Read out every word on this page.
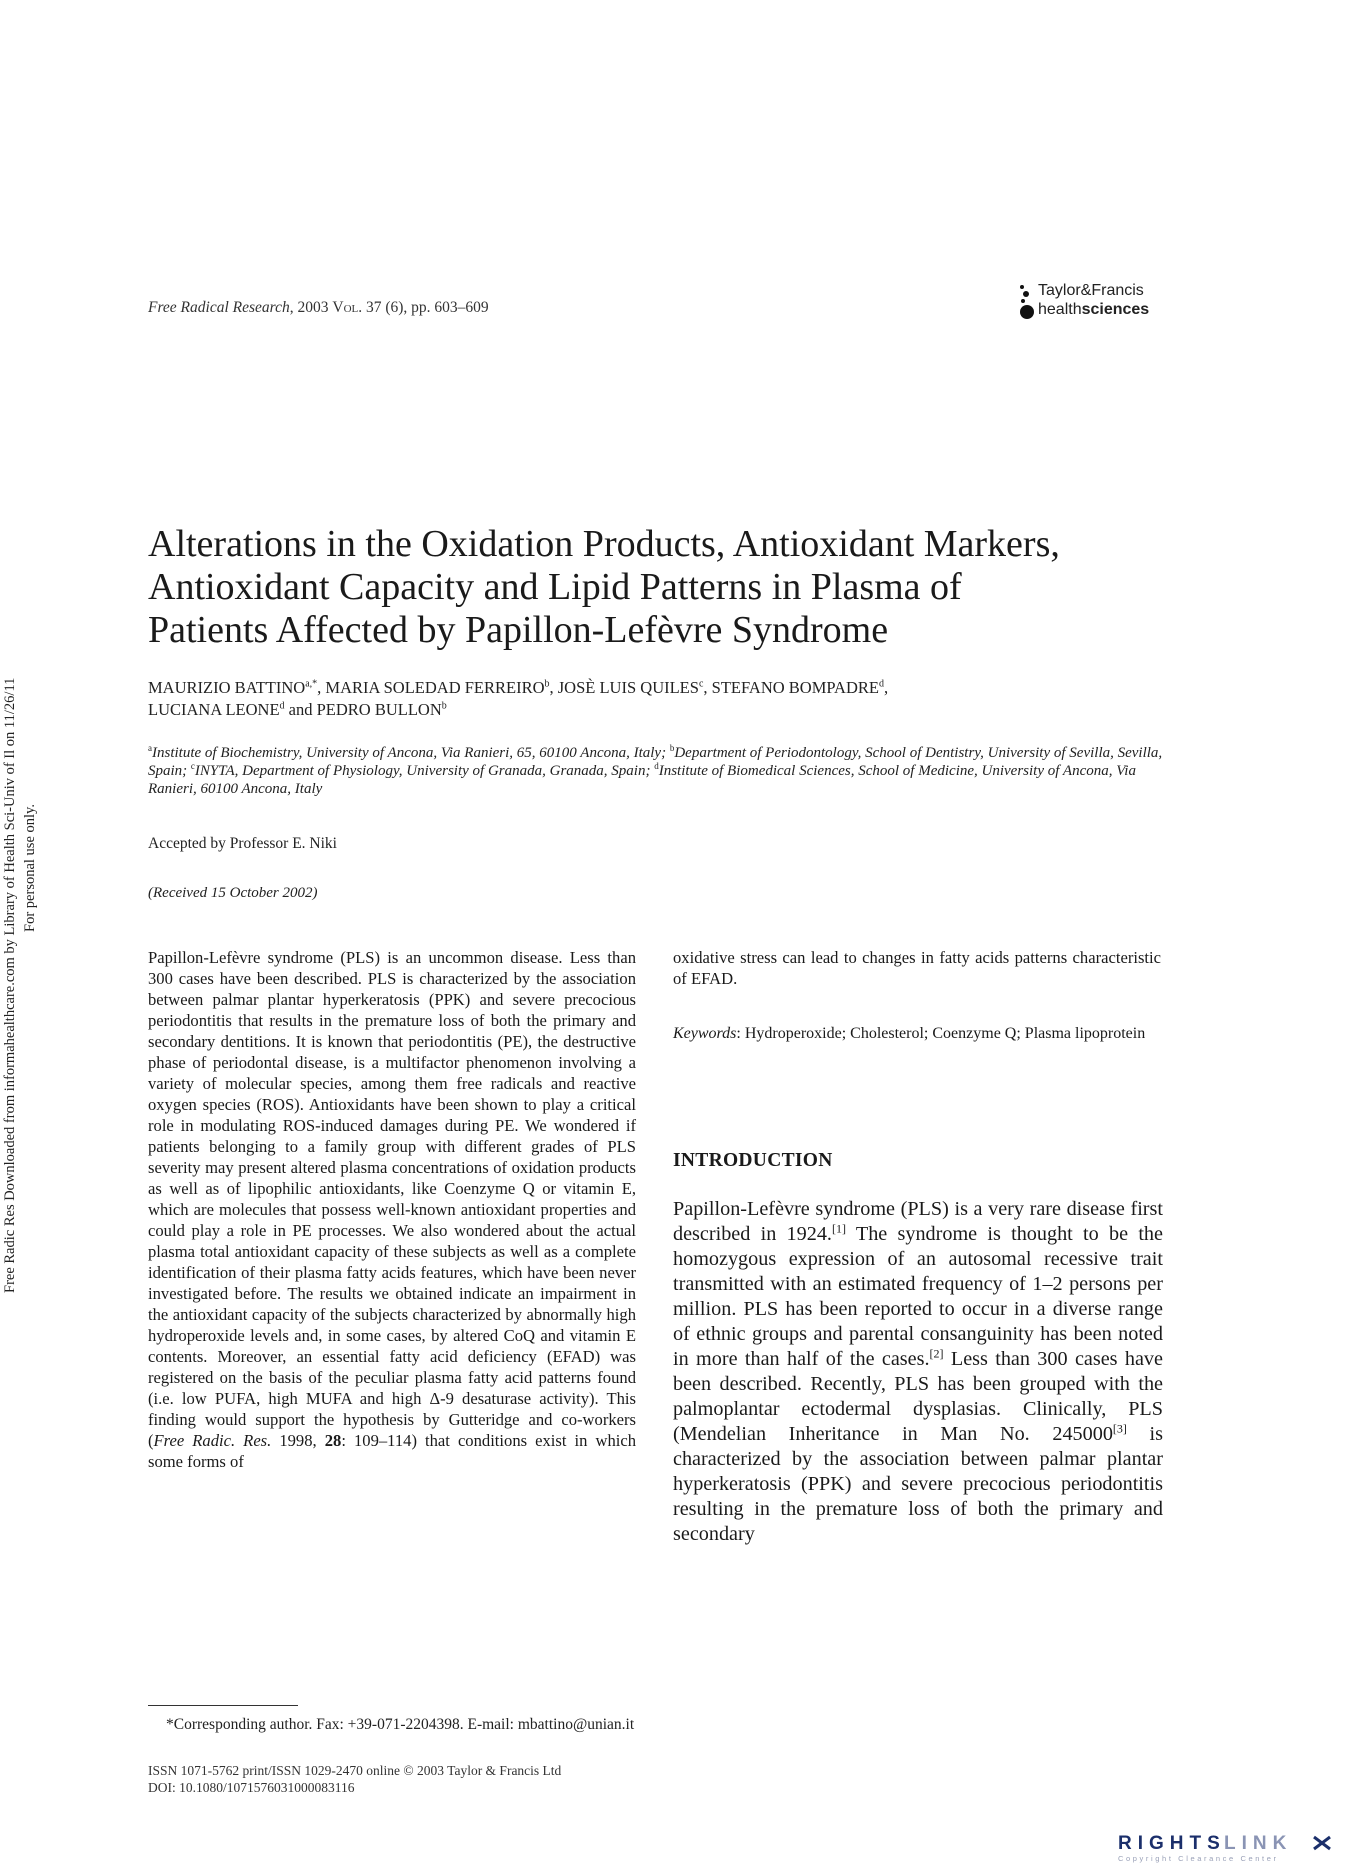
Free Radical Research, 2003 Vol. 37 (6), pp. 603–609
Taylor&Francis
healthsciences
Free Radic Res Downloaded from informahealthcare.com by Library of Health Sci-Univ of Il on 11/26/11 For personal use only.
Alterations in the Oxidation Products, Antioxidant Markers,
Antioxidant Capacity and Lipid Patterns in Plasma of
Patients Affected by Papillon-Lefèvre Syndrome
MAURIZIO $BATTINO^{a,*}$, MARIA SOLEDAD FERREIRO$^b$, JOSÈ LUIS QUILES$^c$, STEFANO BOMPADRE$^d$,
LUCIANA LEONE$^d$ and PEDRO BULLON$^b$
$^a$Institute of Biochemistry, University of Ancona, Via Ranieri, 65, 60100 Ancona, Italy; $^b$Department of Periodontology, School of Dentistry, University of Sevilla, Sevilla, Spain; $^c$INYTA, Department of Physiology, University of Granada, Granada, Spain; $^d$Institute of Biomedical Sciences, School of Medicine, University of Ancona, Via Ranieri, 60100 Ancona, Italy
Accepted by Professor E. Niki
(Received 15 October 2002)
Papillon-Lefèvre syndrome (PLS) is an uncommon disease. Less than 300 cases have been described. PLS is characterized by the association between palmar plantar hyperkeratosis (PPK) and severe precocious periodontitis that results in the premature loss of both the primary and secondary dentitions. It is known that periodontitis (PE), the destructive phase of periodontal disease, is a multifactor phenomenon involving a variety of molecular species, among them free radicals and reactive oxygen species (ROS). Antioxidants have been shown to play a critical role in modulating ROS-induced damages during PE. We wondered if patients belonging to a family group with different grades of PLS severity may present altered plasma concentrations of oxidation products as well as of lipophilic antioxidants, like Coenzyme Q or vitamin E, which are molecules that possess well-known antioxidant properties and could play a role in PE processes. We also wondered about the actual plasma total antioxidant capacity of these subjects as well as a complete identification of their plasma fatty acids features, which have been never investigated before. The results we obtained indicate an impairment in the antioxidant capacity of the subjects characterized by abnormally high hydroperoxide levels and, in some cases, by altered CoQ and vitamin E contents. Moreover, an essential fatty acid deficiency (EFAD) was registered on the basis of the peculiar plasma fatty acid patterns found (i.e. low PUFA, high MUFA and high Δ-9 desaturase activity). This finding would support the hypothesis by Gutteridge and co-workers (Free Radic. Res. 1998, 28: 109–114) that conditions exist in which some forms of
oxidative stress can lead to changes in fatty acids patterns characteristic of EFAD.
Keywords: Hydroperoxide; Cholesterol; Coenzyme Q; Plasma lipoprotein
INTRODUCTION
Papillon-Lefèvre syndrome (PLS) is a very rare disease first described in 1924.[1] The syndrome is thought to be the homozygous expression of an autosomal recessive trait transmitted with an estimated frequency of 1–2 persons per million. PLS has been reported to occur in a diverse range of ethnic groups and parental consanguinity has been noted in more than half of the cases.[2] Less than 300 cases have been described. Recently, PLS has been grouped with the palmoplantar ectodermal dysplasias. Clinically, PLS (Mendelian Inheritance in Man No. 245000[3] is characterized by the association between palmar plantar hyperkeratosis (PPK) and severe precocious periodontitis resulting in the premature loss of both the primary and secondary
*Corresponding author. Fax: +39-071-2204398. E-mail: mbattino@unian.it
ISSN 1071-5762 print/ISSN 1029-2470 online © 2003 Taylor & Francis Ltd
DOI: 10.1080/1071576031000083116
RIGHTS
LINK
Copyright Clearance Center
